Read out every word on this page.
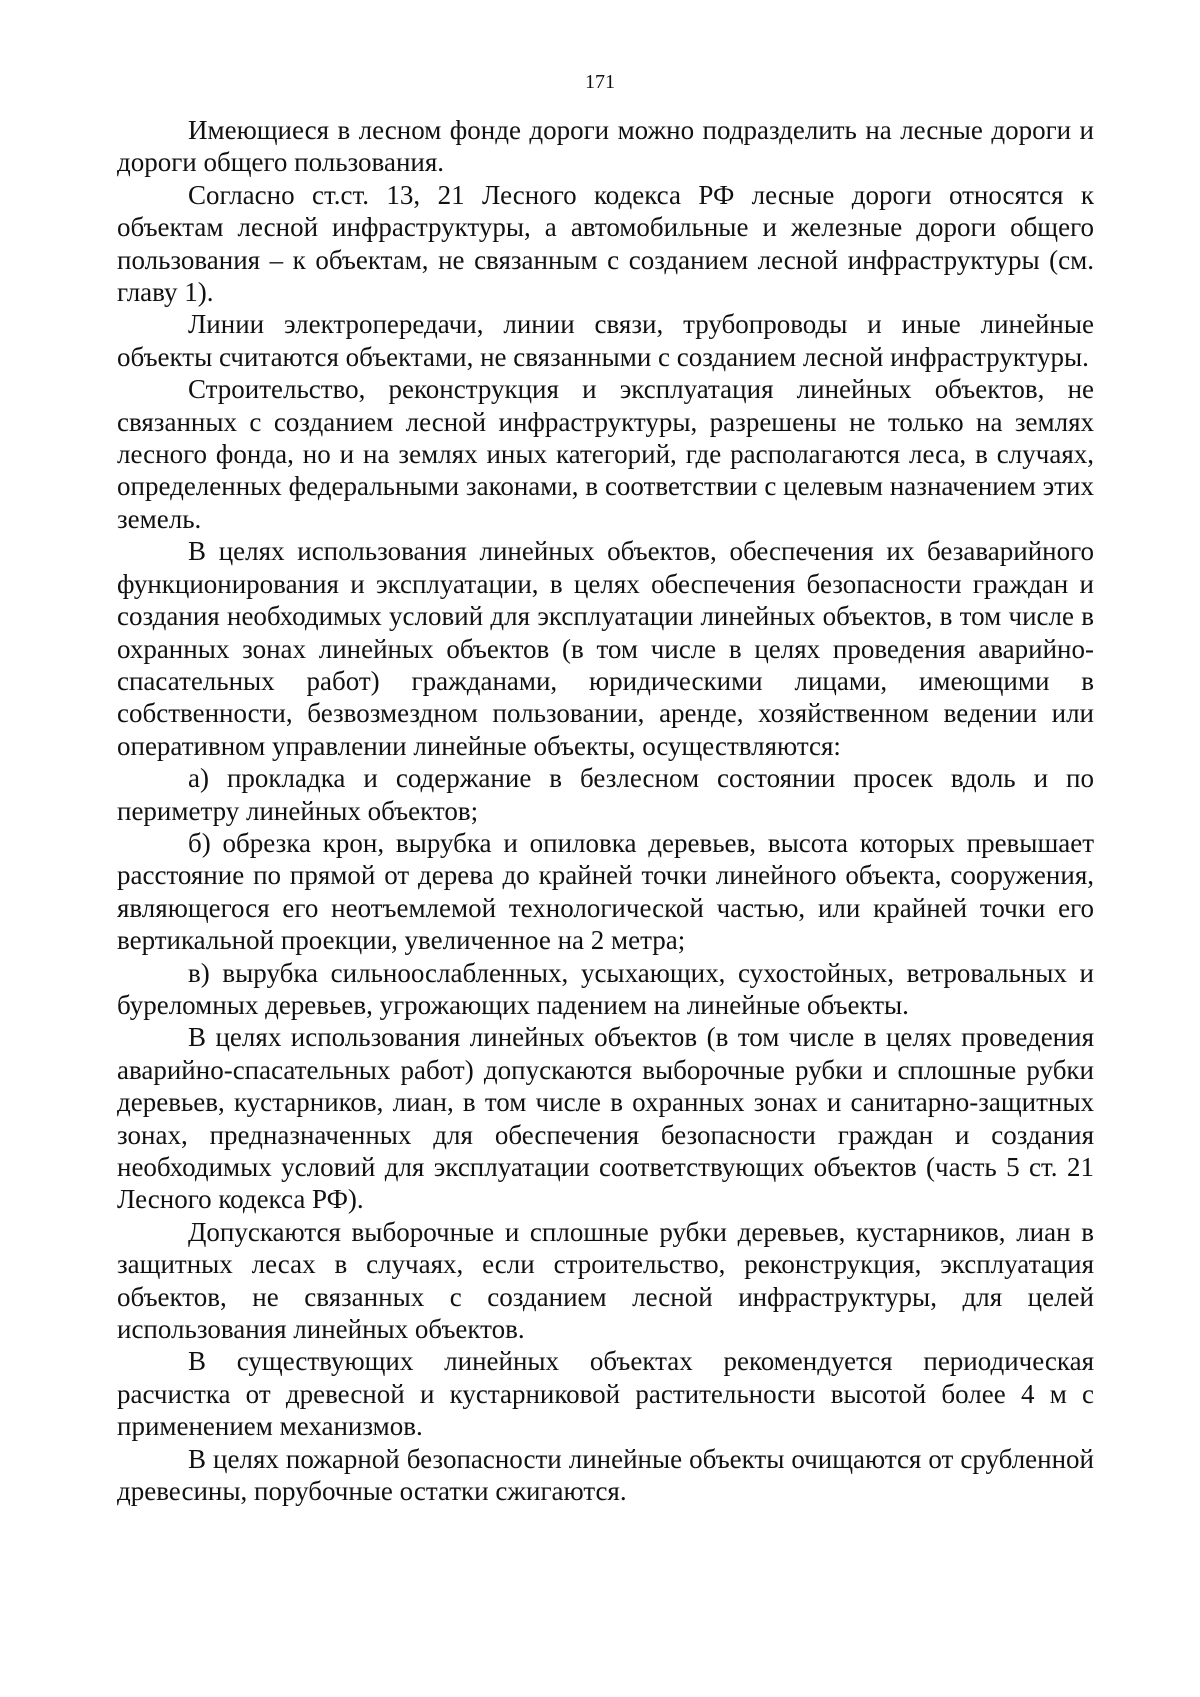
171

Имеющиеся в лесном фонде дороги можно подразделить на лесные дороги и дороги общего пользования.

Согласно ст.ст. 13, 21 Лесного кодекса РФ лесные дороги относятся к объектам лесной инфраструктуры, а автомобильные и железные дороги общего пользования – к объектам, не связанным с созданием лесной инфраструктуры (см. главу 1).

Линии электропередачи, линии связи, трубопроводы и иные линейные объекты считаются объектами, не связанными с созданием лесной инфраструктуры.

Строительство, реконструкция и эксплуатация линейных объектов, не связанных с созданием лесной инфраструктуры, разрешены не только на землях лесного фонда, но и на землях иных категорий, где располагаются леса, в случаях, определенных федеральными законами, в соответствии с целевым назначением этих земель.

В целях использования линейных объектов, обеспечения их безаварийного функционирования и эксплуатации, в целях обеспечения безопасности граждан и создания необходимых условий для эксплуатации линейных объектов, в том числе в охранных зонах линейных объектов (в том числе в целях проведения аварийно-спасательных работ) гражданами, юридическими лицами, имеющими в собственности, безвозмездном пользовании, аренде, хозяйственном ведении или оперативном управлении линейные объекты, осуществляются:

а) прокладка и содержание в безлесном состоянии просек вдоль и по периметру линейных объектов;

б) обрезка крон, вырубка и опиловка деревьев, высота которых превышает расстояние по прямой от дерева до крайней точки линейного объекта, сооружения, являющегося его неотъемлемой технологической частью, или крайней точки его вертикальной проекции, увеличенное на 2 метра;

в) вырубка сильноослабленных, усыхающих, сухостойных, ветровальных и буреломных деревьев, угрожающих падением на линейные объекты.

В целях использования линейных объектов (в том числе в целях проведения аварийно-спасательных работ) допускаются выборочные рубки и сплошные рубки деревьев, кустарников, лиан, в том числе в охранных зонах и санитарно-защитных зонах, предназначенных для обеспечения безопасности граждан и создания необходимых условий для эксплуатации соответствующих объектов (часть 5 ст. 21 Лесного кодекса РФ).

Допускаются выборочные и сплошные рубки деревьев, кустарников, лиан в защитных лесах в случаях, если строительство, реконструкция, эксплуатация объектов, не связанных с созданием лесной инфраструктуры, для целей использования линейных объектов.

В существующих линейных объектах рекомендуется периодическая расчистка от древесной и кустарниковой растительности высотой более 4 м с применением механизмов.

В целях пожарной безопасности линейные объекты очищаются от срубленной древесины, порубочные остатки сжигаются.
